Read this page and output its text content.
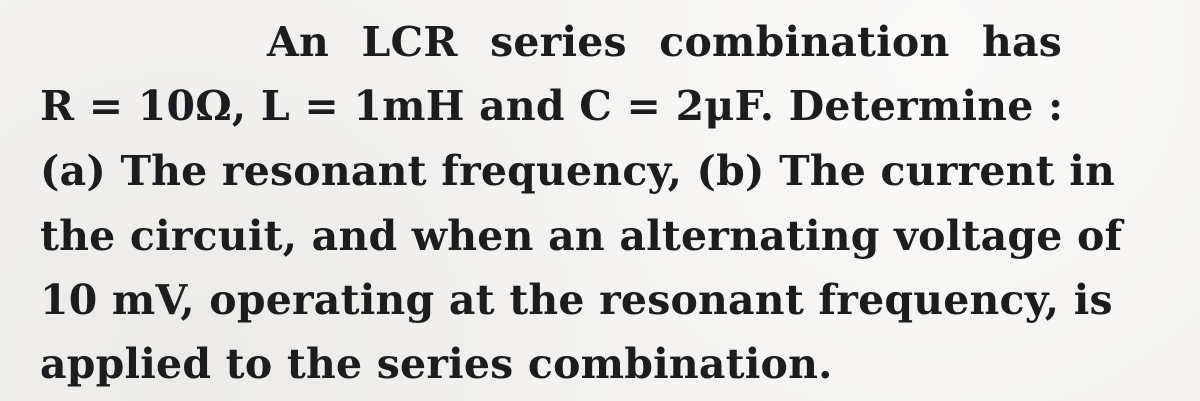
An LCR series combination has
R = 10Ω, L = 1mH and C = 2μF. Determine :
(a) The resonant frequency, (b) The current in
the circuit, and when an alternating voltage of
10 mV, operating at the resonant frequency, is
applied to the series combination.
